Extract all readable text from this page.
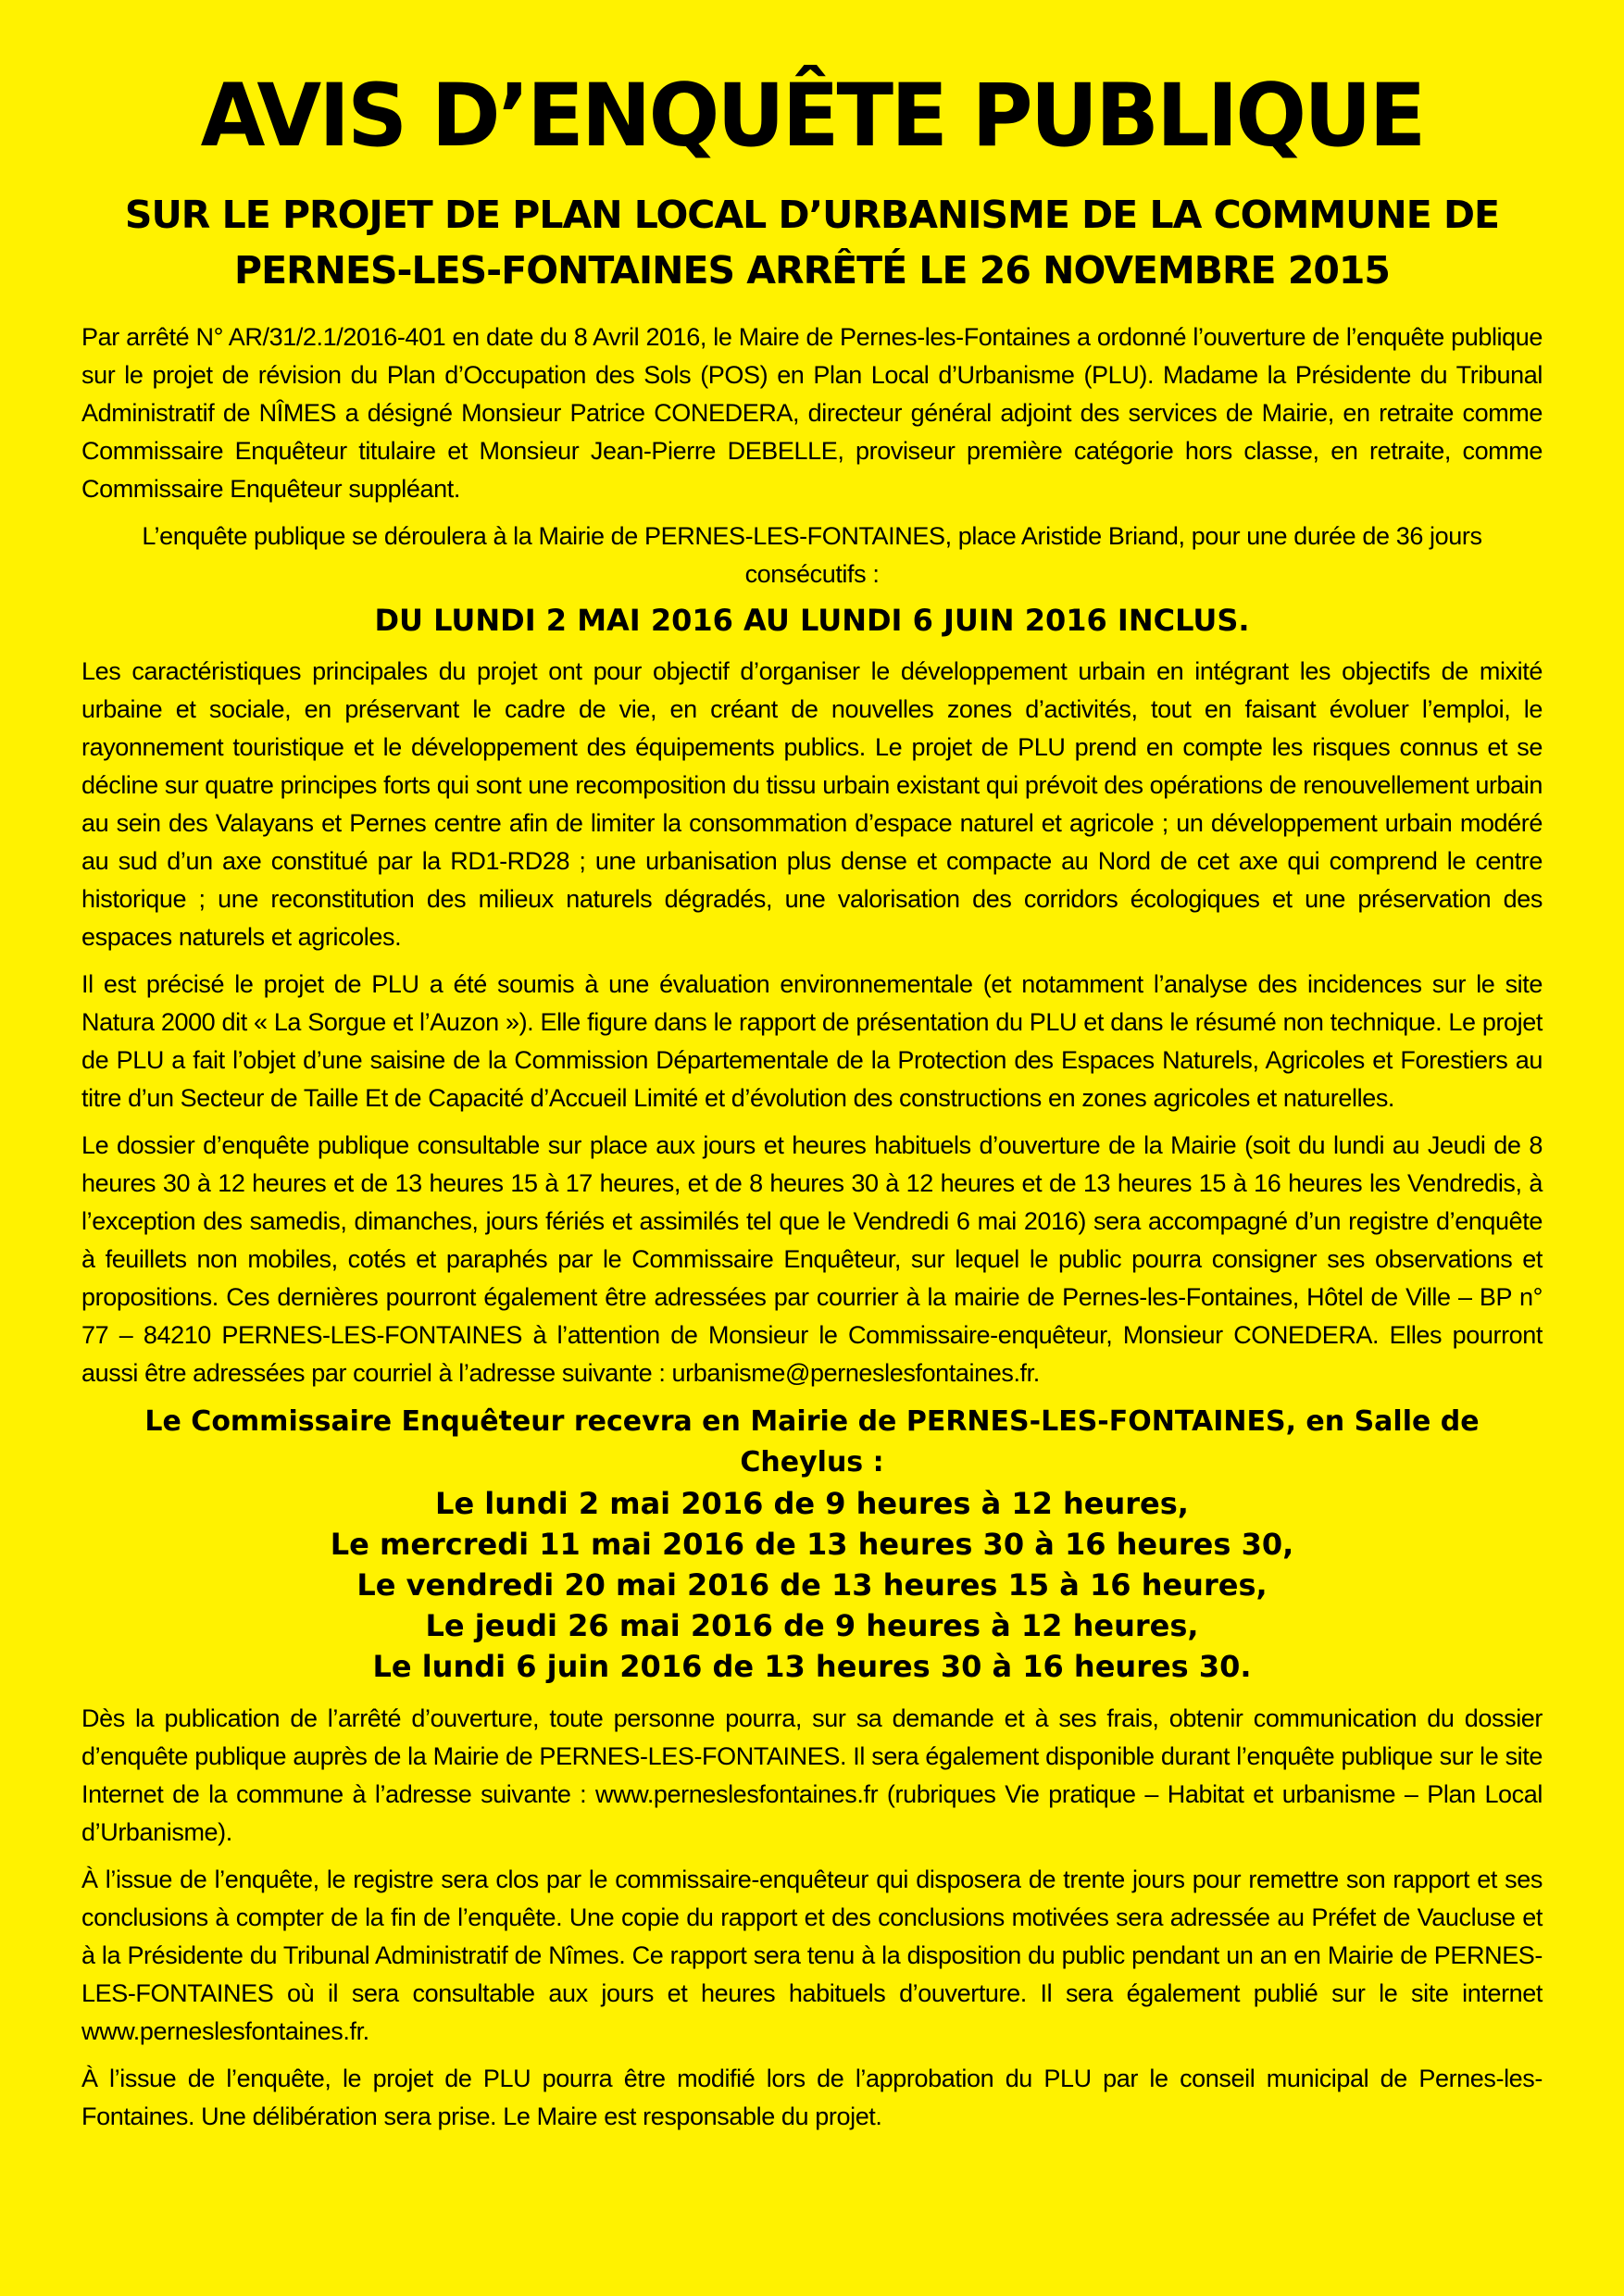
AVIS D’ENQUÊTE PUBLIQUE
SUR LE PROJET DE PLAN LOCAL D’URBANISME DE LA COMMUNE DE
PERNES-LES-FONTAINES ARRÊTÉ LE 26 NOVEMBRE 2015

Par arrêté N° AR/31/2.1/2016-401 en date du 8 Avril 2016, le Maire de Pernes-les-Fontaines a ordonné l’ouverture de l’enquête publique sur le projet de révision du Plan d’Occupation des Sols (POS) en Plan Local d’Urbanisme (PLU). Madame la Présidente du Tribunal Administratif de NÎMES a désigné Monsieur Patrice CONEDERA, directeur général adjoint des services de Mairie, en retraite comme Commissaire Enquêteur titulaire et Monsieur Jean-Pierre DEBELLE, proviseur première catégorie hors classe, en retraite, comme Commissaire Enquêteur suppléant.

L’enquête publique se déroulera à la Mairie de PERNES-LES-FONTAINES, place Aristide Briand, pour une durée de 36 jours consécutifs :

DU LUNDI 2 MAI 2016 AU LUNDI 6 JUIN 2016 INCLUS.

Les caractéristiques principales du projet ont pour objectif d’organiser le développement urbain en intégrant les objectifs de mixité urbaine et sociale, en préservant le cadre de vie, en créant de nouvelles zones d’activités, tout en faisant évoluer l’emploi, le rayonnement touristique et le développement des équipements publics. Le projet de PLU prend en compte les risques connus et se décline sur quatre principes forts qui sont une recomposition du tissu urbain existant qui prévoit des opérations de renouvellement urbain au sein des Valayans et Pernes centre afin de limiter la consommation d’espace naturel et agricole ; un développement urbain modéré au sud d’un axe constitué par la RD1-RD28 ; une urbanisation plus dense et compacte au Nord de cet axe qui comprend le centre historique ; une reconstitution des milieux naturels dégradés, une valorisation des corridors écologiques et une préservation des espaces naturels et agricoles.

Il est précisé le projet de PLU a été soumis à une évaluation environnementale (et notamment l’analyse des incidences sur le site Natura 2000 dit « La Sorgue et l’Auzon »). Elle figure dans le rapport de présentation du PLU et dans le résumé non technique. Le projet de PLU a fait l’objet d’une saisine de la Commission Départementale de la Protection des Espaces Naturels, Agricoles et Forestiers au titre d’un Secteur de Taille Et de Capacité d’Accueil Limité et d’évolution des constructions en zones agricoles et naturelles.

Le dossier d’enquête publique consultable sur place aux jours et heures habituels d’ouverture de la Mairie (soit du lundi au Jeudi de 8 heures 30 à 12 heures et de 13 heures 15 à 17 heures, et de 8 heures 30 à 12 heures et de 13 heures 15 à 16 heures les Vendredis, à l’exception des samedis, dimanches, jours fériés et assimilés tel que le Vendredi 6 mai 2016) sera accompagné d’un registre d’enquête à feuillets non mobiles, cotés et paraphés par le Commissaire Enquêteur, sur lequel le public pourra consigner ses observations et propositions. Ces dernières pourront également être adressées par courrier à la mairie de Pernes-les-Fontaines, Hôtel de Ville – BP n° 77 – 84210 PERNES-LES-FONTAINES à l’attention de Monsieur le Commissaire-enquêteur, Monsieur CONEDERA. Elles pourront aussi être adressées par courriel à l’adresse suivante : urbanisme@perneslesfontaines.fr.

Le Commissaire Enquêteur recevra en Mairie de PERNES-LES-FONTAINES, en Salle de Cheylus :
Le lundi 2 mai 2016 de 9 heures à 12 heures,
Le mercredi 11 mai 2016 de 13 heures 30 à 16 heures 30,
Le vendredi 20 mai 2016 de 13 heures 15 à 16 heures,
Le jeudi 26 mai 2016 de 9 heures à 12 heures,
Le lundi 6 juin 2016 de 13 heures 30 à 16 heures 30.

Dès la publication de l’arrêté d’ouverture, toute personne pourra, sur sa demande et à ses frais, obtenir communication du dossier d’enquête publique auprès de la Mairie de PERNES-LES-FONTAINES. Il sera également disponible durant l’enquête publique sur le site Internet de la commune à l’adresse suivante : www.perneslesfontaines.fr (rubriques Vie pratique – Habitat et urbanisme – Plan Local d’Urbanisme).

À l’issue de l’enquête, le registre sera clos par le commissaire-enquêteur qui disposera de trente jours pour remettre son rapport et ses conclusions à compter de la fin de l’enquête. Une copie du rapport et des conclusions motivées sera adressée au Préfet de Vaucluse et à la Présidente du Tribunal Administratif de Nîmes. Ce rapport sera tenu à la disposition du public pendant un an en Mairie de PERNES-LES-FONTAINES où il sera consultable aux jours et heures habituels d’ouverture. Il sera également publié sur le site internet www.perneslesfontaines.fr.

À l’issue de l’enquête, le projet de PLU pourra être modifié lors de l’approbation du PLU par le conseil municipal de Pernes-les-Fontaines. Une délibération sera prise. Le Maire est responsable du projet.
